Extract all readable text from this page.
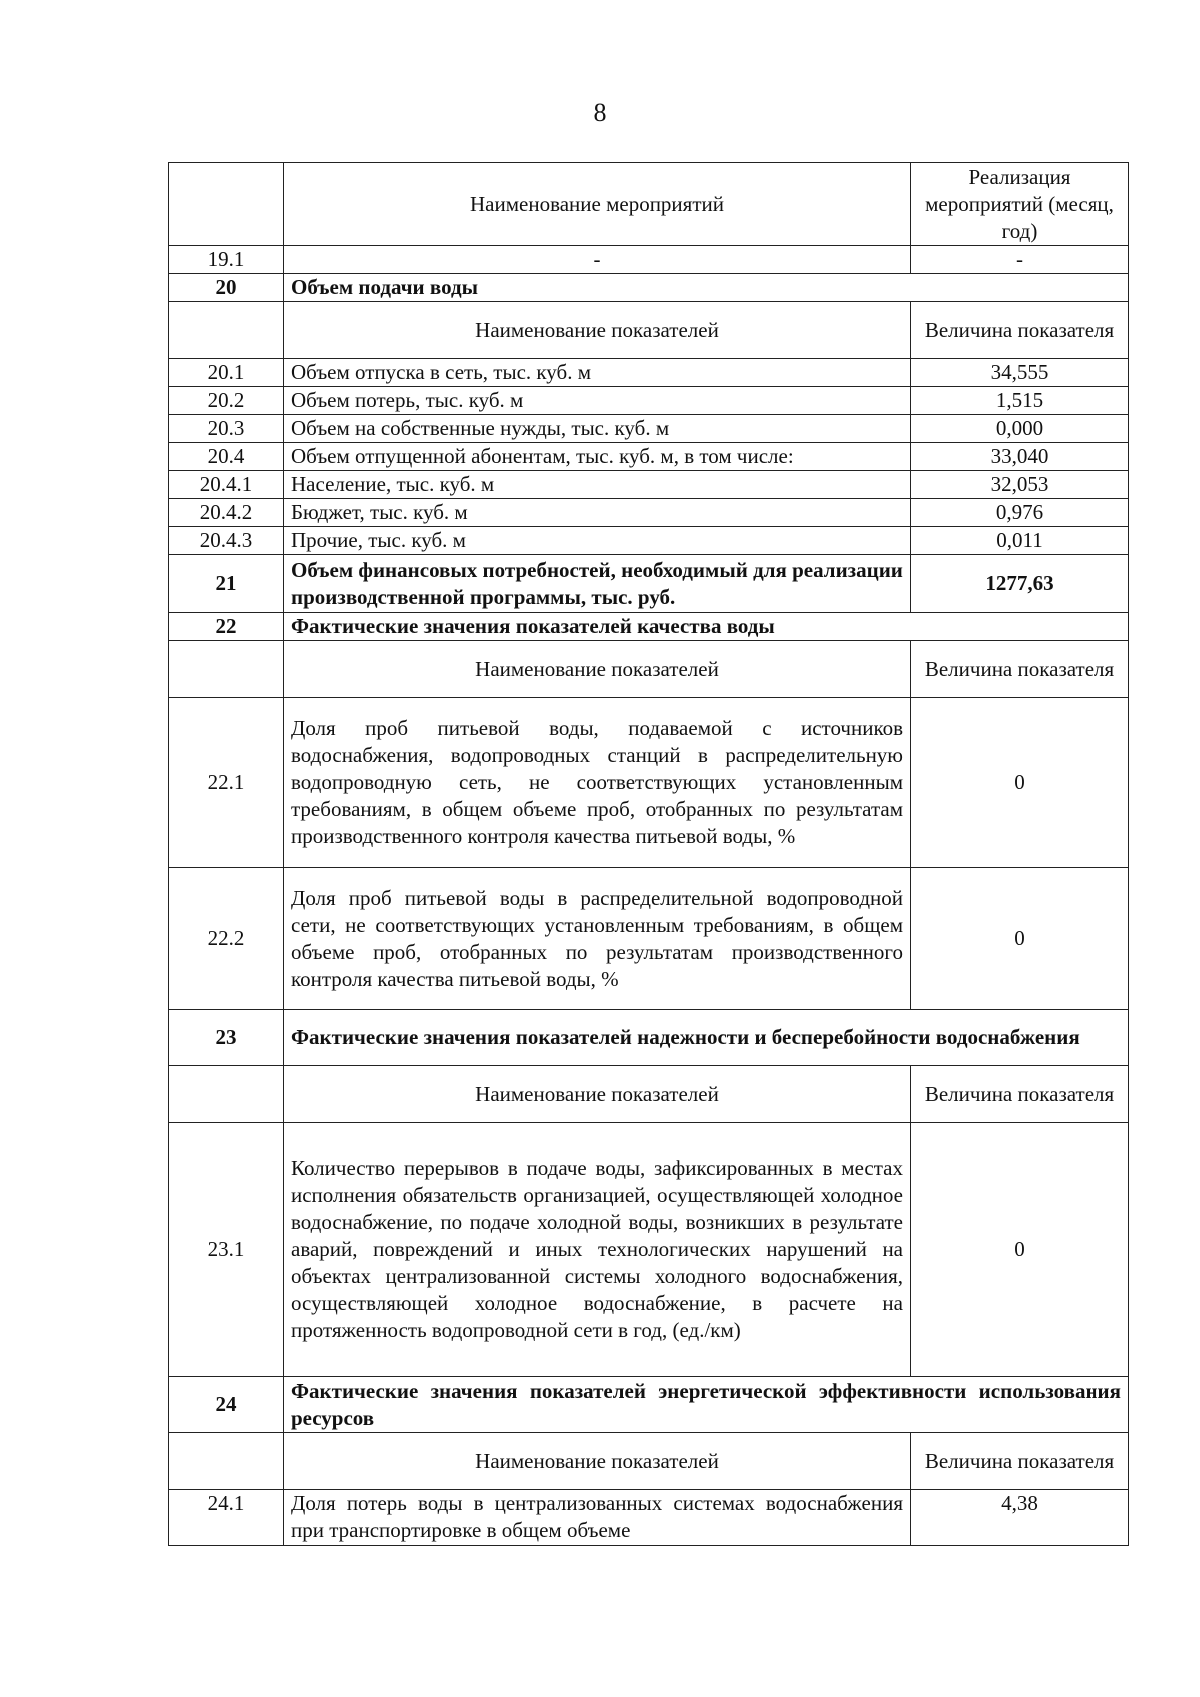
8
	Наименование мероприятий	Реализация мероприятий (месяц, год)
19.1	-	-
20	Объем подачи воды	
	Наименование показателей	Величина показателя
20.1	Объем отпуска в сеть, тыс. куб. м	34,555
20.2	Объем потерь, тыс. куб. м	1,515
20.3	Объем на собственные нужды, тыс. куб. м	0,000
20.4	Объем отпущенной абонентам, тыс. куб. м, в том числе:	33,040
20.4.1	Население, тыс. куб. м	32,053
20.4.2	Бюджет, тыс. куб. м	0,976
20.4.3	Прочие, тыс. куб. м	0,011
21	Объем финансовых потребностей, необходимый для реализации производственной программы, тыс. руб.	1277,63
22	Фактические значения показателей качества воды	
	Наименование показателей	Величина показателя
22.1	Доля проб питьевой воды, подаваемой с источников водоснабжения, водопроводных станций в распределительную водопроводную сеть, не соответствующих установленным требованиям, в общем объеме проб, отобранных по результатам производственного контроля качества питьевой воды, %	0
22.2	Доля проб питьевой воды в распределительной водопроводной сети, не соответствующих установленным требованиям, в общем объеме проб, отобранных по результатам производственного контроля качества питьевой воды, %	0
23	Фактические значения показателей надежности и бесперебойности водоснабжения	
	Наименование показателей	Величина показателя
23.1	Количество перерывов в подаче воды, зафиксированных в местах исполнения обязательств организацией, осуществляющей холодное водоснабжение, по подаче холодной воды, возникших в результате аварий, повреждений и иных технологических нарушений на объектах централизованной системы холодного водоснабжения, осуществляющей холодное водоснабжение, в расчете на протяженность водопроводной сети в год, (ед./км)	0
24	Фактические значения показателей энергетической эффективности использования ресурсов	
	Наименование показателей	Величина показателя
24.1	Доля потерь воды в централизованных системах водоснабжения при транспортировке в общем объеме	4,38
